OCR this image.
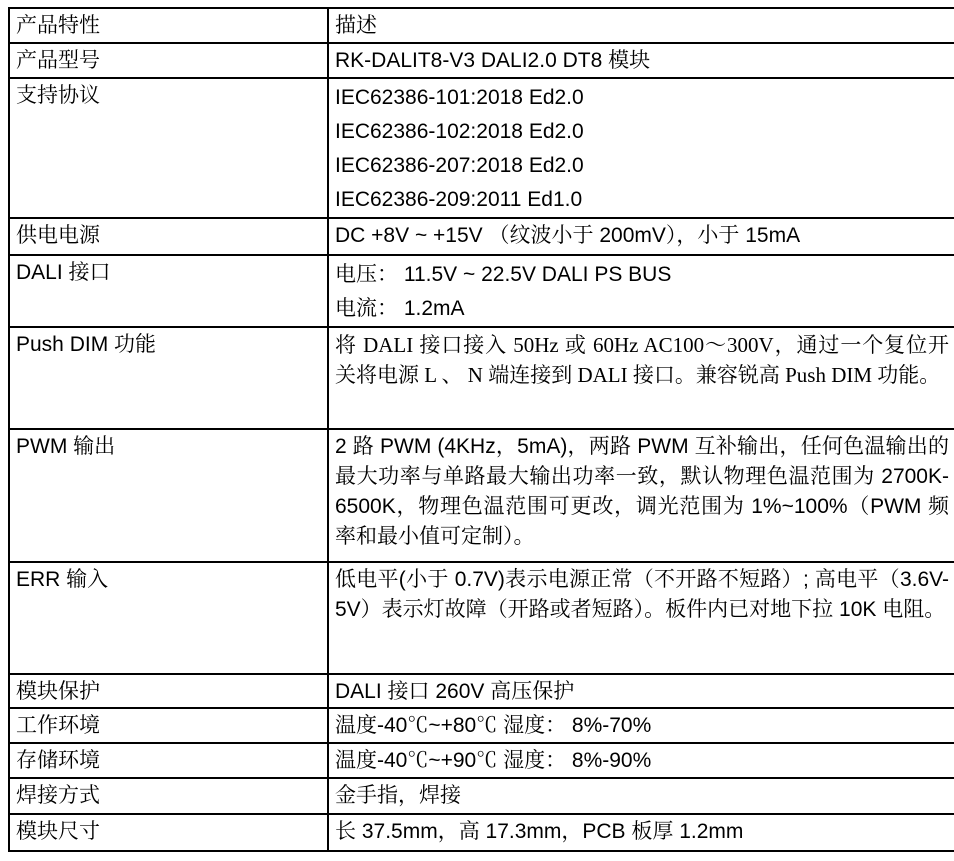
产品特性	描述
产品型号	RK-DALIT8-V3 DALI2.0 DT8 模块
支持协议	IEC62386-101:2018 Ed2.0
IEC62386-102:2018 Ed2.0
IEC62386-207:2018 Ed2.0
IEC62386-209:2011 Ed1.0

供电电源	DC +8V ~ +15V （纹波小于 200mV），小于 15mA
DALI 接口	电压： 11.5V ~ 22.5V DALI PS BUS
电流： 1.2mA

Push DIM 功能	将 DALI 接口接入 50Hz 或 60Hz AC100～300V，通过一个复位开关将电源 L 、 N 端连接到 DALI 接口。兼容锐高 Push DIM 功能。
PWM 输出	2 路 PWM (4KHz，5mA)，两路 PWM 互补输出，任何色温输出的最大功率与单路最大输出功率一致，默认物理色温范围为 2700K-6500K，物理色温范围可更改，调光范围为 1%~100%（PWM 频率和最小值可定制）。
ERR 输入	低电平(小于 0.7V)表示电源正常（不开路不短路）; 高电平（3.6V-5V）表示灯故障（开路或者短路）。板件内已对地下拉 10K 电阻。
模块保护	DALI 接口 260V 高压保护
工作环境	温度-40℃~+80℃ 湿度： 8%-70%
存储环境	温度-40℃~+90℃ 湿度： 8%-90%
焊接方式	金手指，焊接
模块尺寸	长 37.5mm，高 17.3mm，PCB 板厚 1.2mm
